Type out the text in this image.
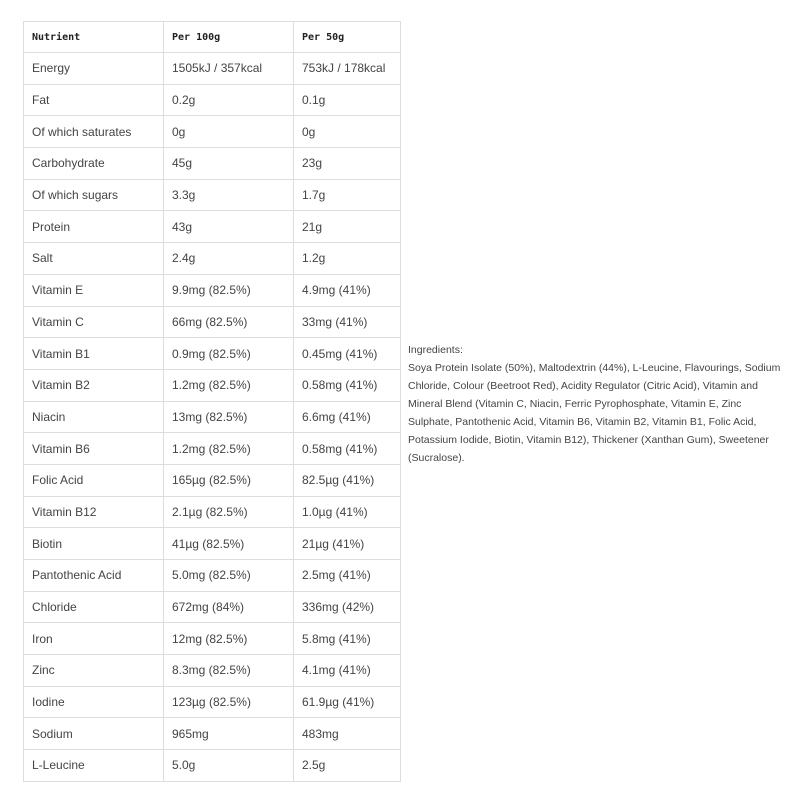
Nutrient	Per 100g	Per 50g
Energy	1505kJ / 357kcal	753kJ / 178kcal
Fat	0.2g	0.1g
Of which saturates	0g	0g
Carbohydrate	45g	23g
Of which sugars	3.3g	1.7g
Protein	43g	21g
Salt	2.4g	1.2g
Vitamin E	9.9mg (82.5%)	4.9mg (41%)
Vitamin C	66mg (82.5%)	33mg (41%)
Vitamin B1	0.9mg (82.5%)	0.45mg (41%)
Vitamin B2	1.2mg (82.5%)	0.58mg (41%)
Niacin	13mg (82.5%)	6.6mg (41%)
Vitamin B6	1.2mg (82.5%)	0.58mg (41%)
Folic Acid	165µg (82.5%)	82.5µg (41%)
Vitamin B12	2.1µg (82.5%)	1.0µg (41%)
Biotin	41µg (82.5%)	21µg (41%)
Pantothenic Acid	5.0mg (82.5%)	2.5mg (41%)
Chloride	672mg (84%)	336mg (42%)
Iron	12mg (82.5%)	5.8mg (41%)
Zinc	8.3mg (82.5%)	4.1mg (41%)
Iodine	123µg (82.5%)	61.9µg (41%)
Sodium	965mg	483mg
L-Leucine	5.0g	2.5g
Ingredients:
Soya Protein Isolate (50%), Maltodextrin (44%), L-Leucine, Flavourings, Sodium Chloride, Colour (Beetroot Red), Acidity Regulator (Citric Acid), Vitamin and Mineral Blend (Vitamin C, Niacin, Ferric Pyrophosphate, Vitamin E, Zinc Sulphate, Pantothenic Acid, Vitamin B6, Vitamin B2, Vitamin B1, Folic Acid, Potassium Iodide, Biotin, Vitamin B12), Thickener (Xanthan Gum), Sweetener (Sucralose).
